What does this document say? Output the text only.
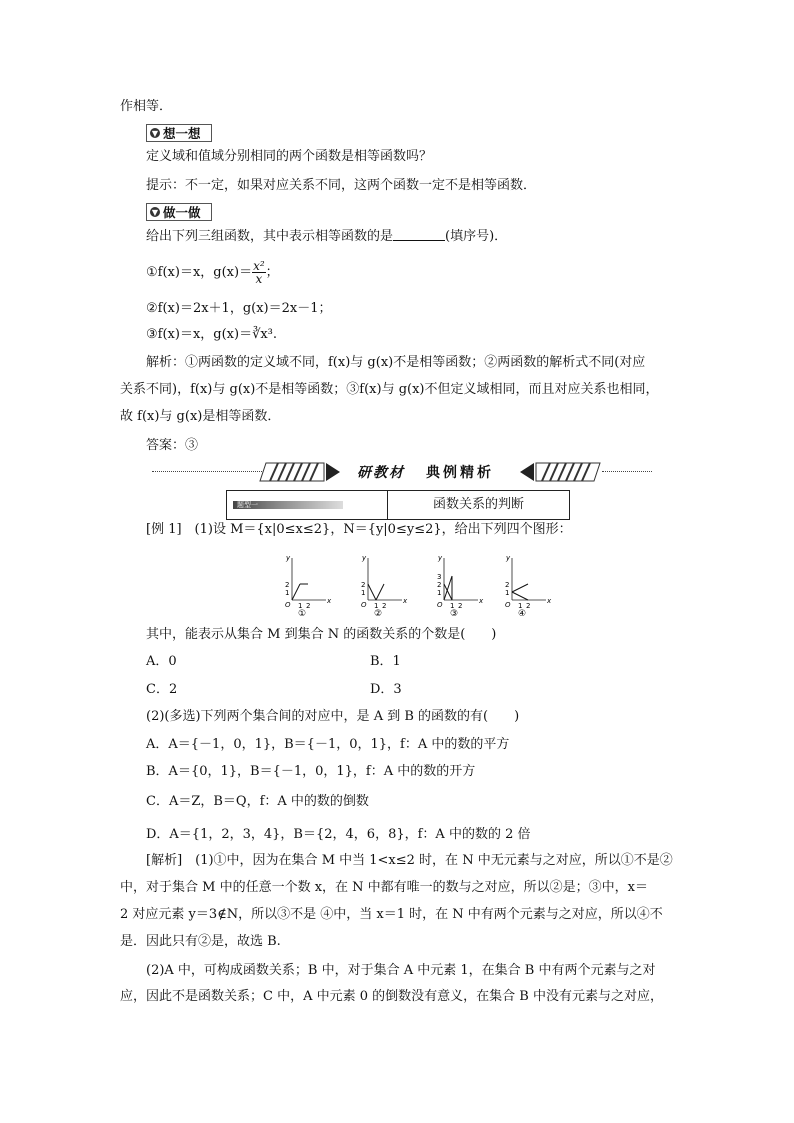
作相等．
▼ 想一想
定义域和值域分别相同的两个函数是相等函数吗？
提示：不一定，如果对应关系不同，这两个函数一定不是相等函数．
▼ 做一做
给出下列三组函数，其中表示相等函数的是	(填序号)．
①f(x)＝x，$g(x)= \frac{\text{x²}}{x}$ ；
②f(x)＝2x＋1，g(x)＝2x－1；
③f(x)＝x，g(x)＝∛x³.
解析：①两函数的定义域不同，f(x)与 g(x)不是相等函数；②两函数的解析式不同(对应
关系不同)，f(x)与 g(x)不是相等函数；③f(x)与 g(x)不但定义域相同，而且对应关系也相同，
故 f(x)与 g(x)是相等函数．
答案：③
研教材 典例精析
题型一	函数关系的判断
[例 1]　(1)设 M＝{x|0≤x≤2}，N＝{y|0≤y≤2}，给出下列四个图形：
x
y
O 1 2
1
2
①
x
y
O 1 2
1
2
②
x
y
O 1 2
1
2
3
③
x
y
O 1 2
1
2
④
其中，能表示从集合 M 到集合 N 的函数关系的个数是(　　)
A．0	B．1
C．2	D．3
(2)(多选)下列两个集合间的对应中，是 A 到 B 的函数的有(　　)
A．A＝{－1，0，1}，B＝{－1，0，1}，f：A 中的数的平方
B．A＝{0，1}，B＝{－1，0，1}，f：A 中的数的开方
C．A＝Z，B＝Q，f：A 中的数的倒数
D．A＝{1，2，3，4}，B＝{2，4，6，8}，f：A 中的数的 2 倍
[解析]　(1)①中，因为在集合 M 中当 1<x≤2 时，在 N 中无元素与之对应，所以①不是②
中，对于集合 M 中的任意一个数 x，在 N 中都有唯一的数与之对应，所以②是；③中，x＝
2 对应元素 y＝3∉N，所以③不是 ④中，当 x＝1 时，在 N 中有两个元素与之对应，所以④不
是．因此只有②是，故选 B.
(2)A 中，可构成函数关系；B 中，对于集合 A 中元素 1，在集合 B 中有两个元素与之对
应，因此不是函数关系；C 中，A 中元素 0 的倒数没有意义，在集合 B 中没有元素与之对应，
